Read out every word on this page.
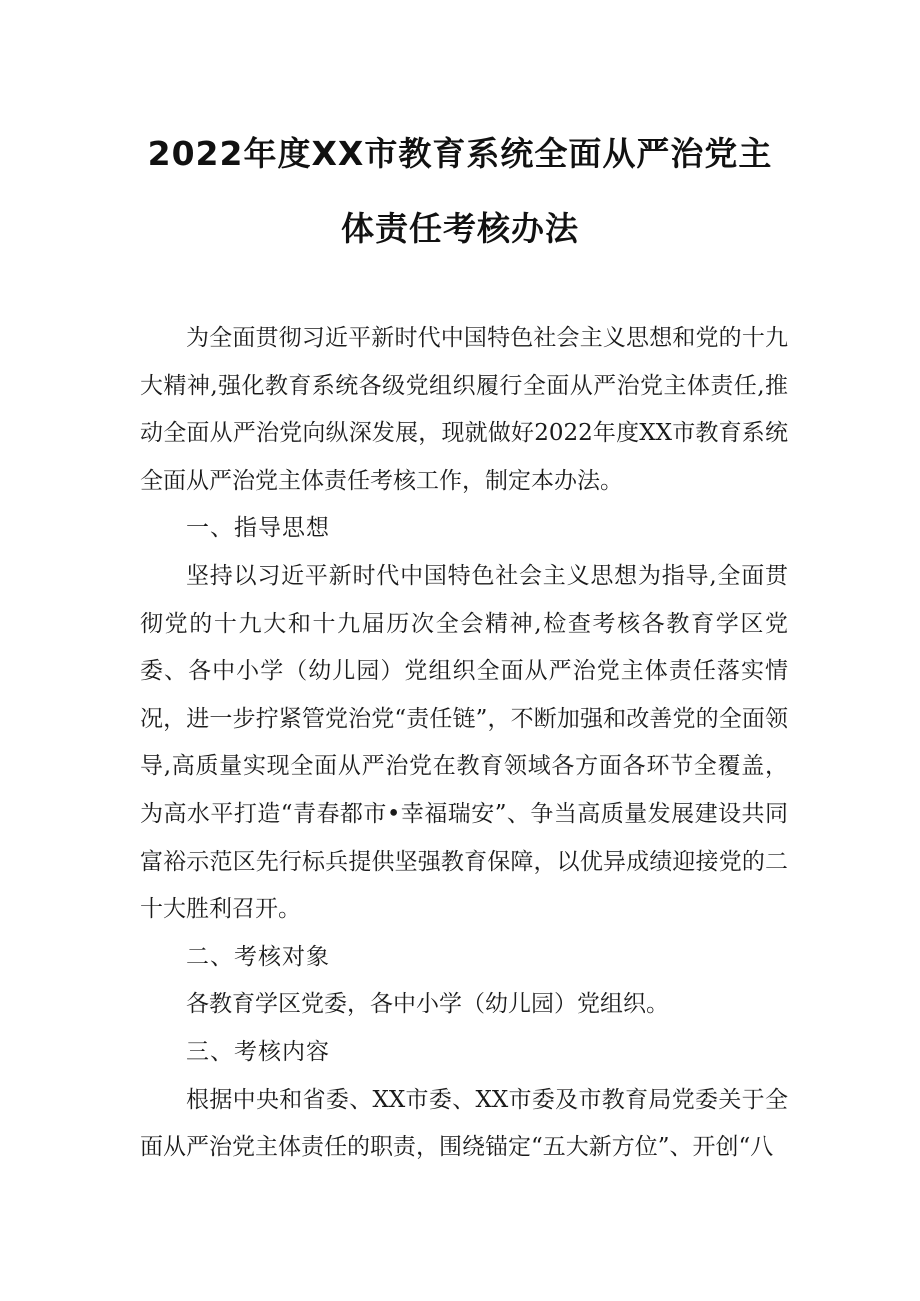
2022年度XX市教育系统全面从严治党主
体责任考核办法

为全面贯彻习近平新时代中国特色社会主义思想和党的十九大精神,强化教育系统各级党组织履行全面从严治党主体责任,推动全面从严治党向纵深发展，现就做好2022年度XX市教育系统全面从严治党主体责任考核工作，制定本办法。

一、指导思想

坚持以习近平新时代中国特色社会主义思想为指导,全面贯彻党的十九大和十九届历次全会精神,检查考核各教育学区党委、各中小学（幼儿园）党组织全面从严治党主体责任落实情况，进一步拧紧管党治党“责任链”，不断加强和改善党的全面领导,高质量实现全面从严治党在教育领域各方面各环节全覆盖，为高水平打造“青春都市•幸福瑞安”、争当高质量发展建设共同富裕示范区先行标兵提供坚强教育保障，以优异成绩迎接党的二十大胜利召开。

二、考核对象

各教育学区党委，各中小学（幼儿园）党组织。

三、考核内容

根据中央和省委、XX市委、XX市委及市教育局党委关于全面从严治党主体责任的职责，围绕锚定“五大新方位”、开创“八
